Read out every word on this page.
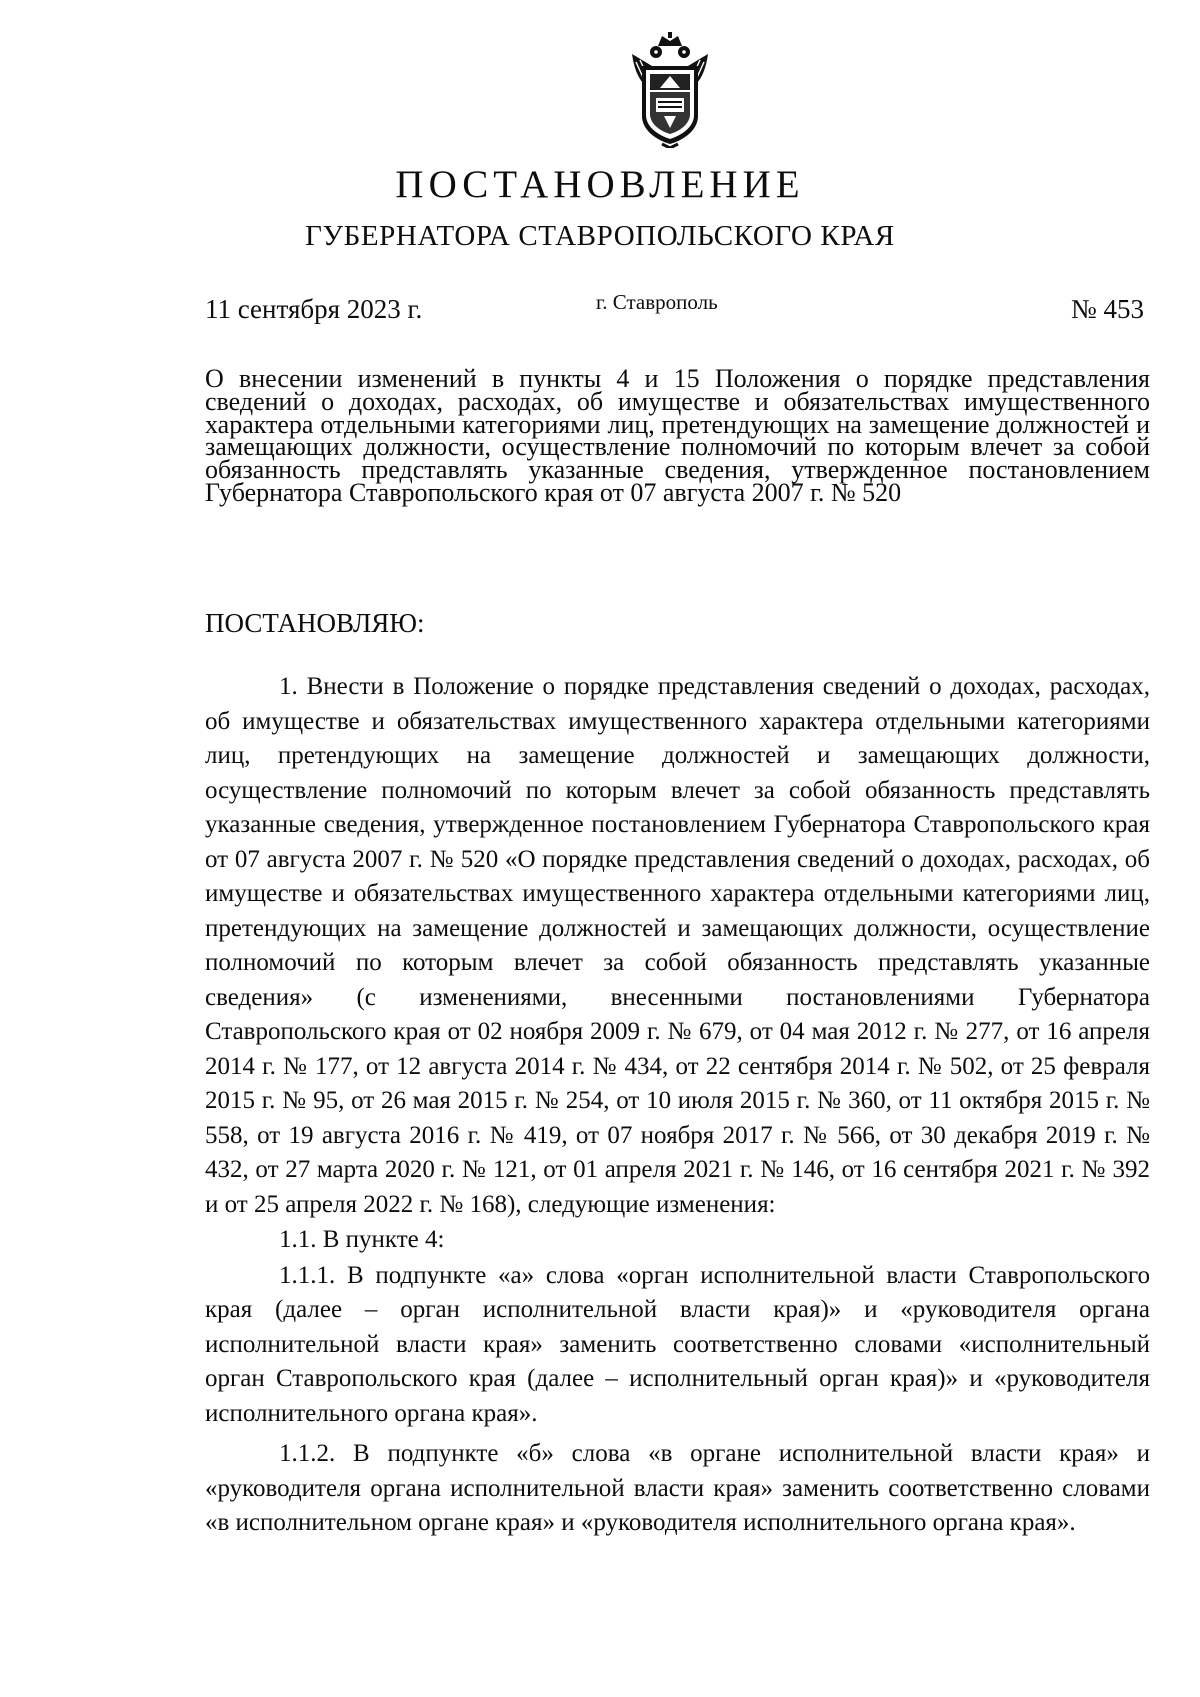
ПОСТАНОВЛЕНИЕ
ГУБЕРНАТОРА СТАВРОПОЛЬСКОГО КРАЯ
11 сентября 2023 г.	г. Ставрополь	№ 453
О внесении изменений в пункты 4 и 15 Положения о порядке представления сведений о доходах, расходах, об имуществе и обязательствах имущественного характера отдельными категориями лиц, претендующих на замещение должностей и замещающих должности, осуществление полномочий по которым влечет за собой обязанность представлять указанные сведения, утвержденное постановлением Губернатора Ставропольского края от 07 августа 2007 г. № 520
ПОСТАНОВЛЯЮ:

1. Внести в Положение о порядке представления сведений о доходах, расходах, об имуществе и обязательствах имущественного характера отдельными категориями лиц, претендующих на замещение должностей и замещающих должности, осуществление полномочий по которым влечет за собой обязанность представлять указанные сведения, утвержденное постановлением Губернатора Ставропольского края от 07 августа 2007 г. № 520 «О порядке представления сведений о доходах, расходах, об имуществе и обязательствах имущественного характера отдельными категориями лиц, претендующих на замещение должностей и замещающих должности, осуществление полномочий по которым влечет за собой обязанность представлять указанные сведения» (с изменениями, внесенными постановлениями Губернатора Ставропольского края от 02 ноября 2009 г. № 679, от 04 мая 2012 г. № 277, от 16 апреля 2014 г. № 177, от 12 августа 2014 г. № 434, от 22 сентября 2014 г. № 502, от 25 февраля 2015 г. № 95, от 26 мая 2015 г. № 254, от 10 июля 2015 г. № 360, от 11 октября 2015 г. № 558, от 19 августа 2016 г. № 419, от 07 ноября 2017 г. № 566, от 30 декабря 2019 г. № 432, от 27 марта 2020 г. № 121, от 01 апреля 2021 г. № 146, от 16 сентября 2021 г. № 392 и от 25 апреля 2022 г. № 168), следующие изменения:

1.1. В пункте 4:

1.1.1. В подпункте «а» слова «орган исполнительной власти Ставропольского края (далее – орган исполнительной власти края)» и «руководителя органа исполнительной власти края» заменить соответственно словами «исполнительный орган Ставропольского края (далее – исполнительный орган края)» и «руководителя исполнительного органа края».

1.1.2. В подпункте «б» слова «в органе исполнительной власти края» и «руководителя органа исполнительной власти края» заменить соответственно словами «в исполнительном органе края» и «руководителя исполнительного органа края».
